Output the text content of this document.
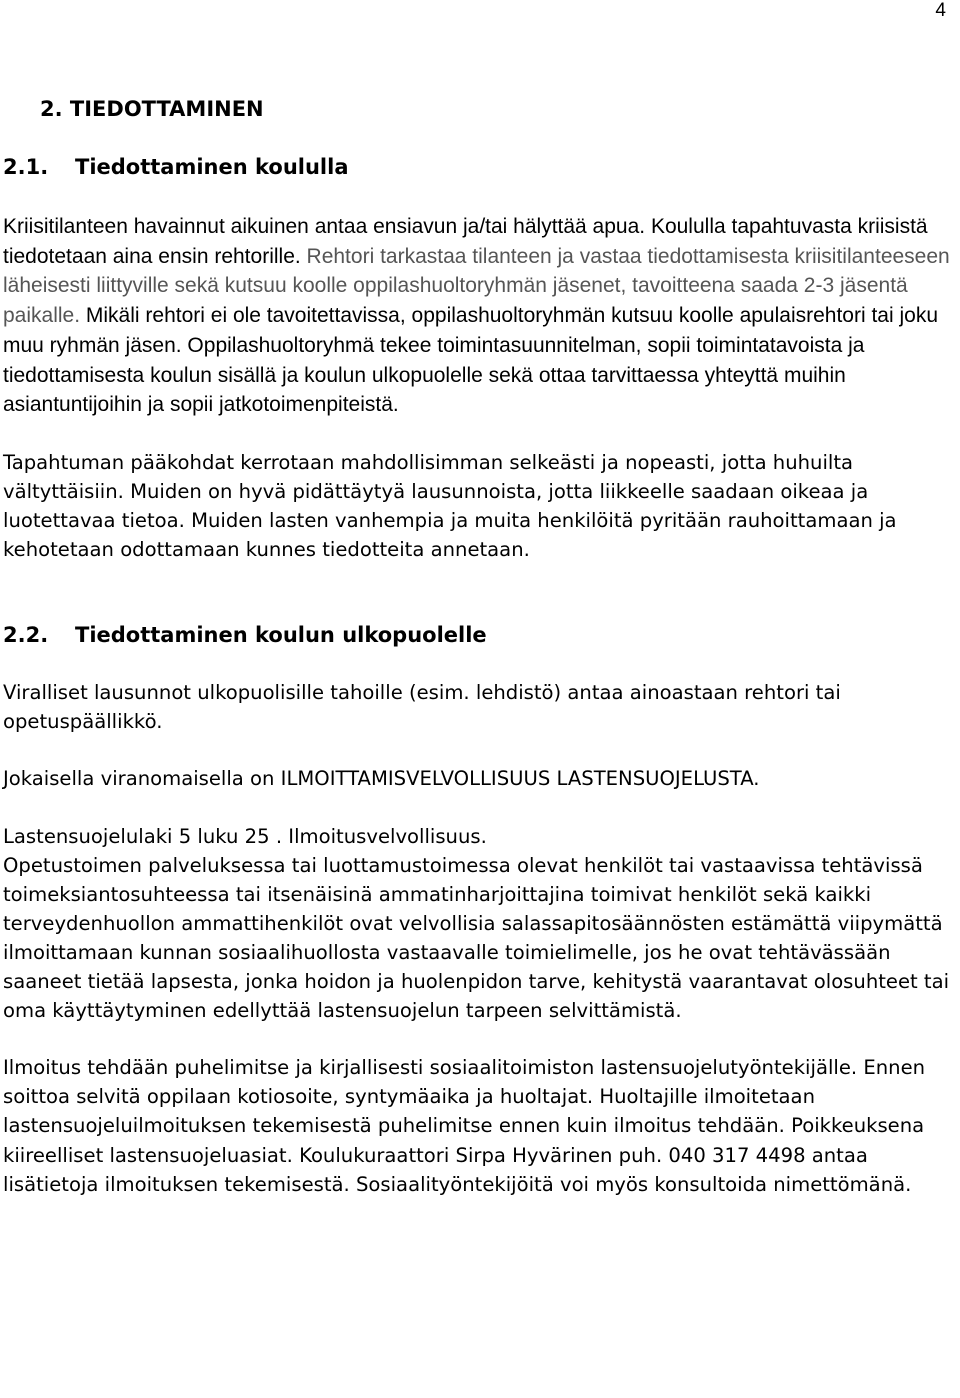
4
2. TIEDOTTAMINEN
2.1.	Tiedottaminen koululla

Kriisitilanteen havainnut aikuinen antaa ensiavun ja/tai hälyttää apua. Koululla tapahtuvasta kriisistä tiedotetaan aina ensin rehtorille. Rehtori tarkastaa tilanteen ja vastaa tiedottamisesta kriisitilanteeseen läheisesti liittyville sekä kutsuu koolle oppilashuoltoryhmän jäsenet, tavoitteena saada 2-3 jäsentä paikalle. Mikäli rehtori ei ole tavoitettavissa, oppilashuoltoryhmän kutsuu koolle apulaisrehtori tai joku muu ryhmän jäsen. Oppilashuoltoryhmä tekee toimintasuunnitelman, sopii toimintatavoista ja tiedottamisesta koulun sisällä ja koulun ulkopuolelle sekä ottaa tarvittaessa yhteyttä muihin asiantuntijoihin ja sopii jatkotoimenpiteistä.

Tapahtuman pääkohdat kerrotaan mahdollisimman selkeästi ja nopeasti, jotta huhuilta vältyttäisiin. Muiden on hyvä pidättäytyä lausunnoista, jotta liikkeelle saadaan oikeaa ja luotettavaa tietoa. Muiden lasten vanhempia ja muita henkilöitä pyritään rauhoittamaan ja kehotetaan odottamaan kunnes tiedotteita annetaan.

2.2.	Tiedottaminen koulun ulkopuolelle

Viralliset lausunnot ulkopuolisille tahoille (esim. lehdistö) antaa ainoastaan rehtori tai opetuspäällikkö.

Jokaisella viranomaisella on ILMOITTAMISVELVOLLISUUS LASTENSUOJELUSTA.

Lastensuojelulaki 5 luku 25 . Ilmoitusvelvollisuus.

Opetustoimen palveluksessa tai luottamustoimessa olevat henkilöt tai vastaavissa tehtävissä toimeksiantosuhteessa tai itsenäisinä ammatinharjoittajina toimivat henkilöt sekä kaikki terveydenhuollon ammattihenkilöt ovat velvollisia salassapitosäännösten estämättä viipymättä ilmoittamaan kunnan sosiaalihuollosta vastaavalle toimielimelle, jos he ovat tehtävässään saaneet tietää lapsesta, jonka hoidon ja huolenpidon tarve, kehitystä vaarantavat olosuhteet tai oma käyttäytyminen edellyttää lastensuojelun tarpeen selvittämistä.

Ilmoitus tehdään puhelimitse ja kirjallisesti sosiaalitoimiston lastensuojelutyöntekijälle. Ennen soittoa selvitä oppilaan kotiosoite, syntymäaika ja huoltajat. Huoltajille ilmoitetaan lastensuojeluilmoituksen tekemisestä puhelimitse ennen kuin ilmoitus tehdään. Poikkeuksena kiireelliset lastensuojeluasiat. Koulukuraattori Sirpa Hyvärinen puh. 040 317 4498 antaa lisätietoja ilmoituksen tekemisestä. Sosiaalityöntekijöitä voi myös konsultoida nimettömänä.
